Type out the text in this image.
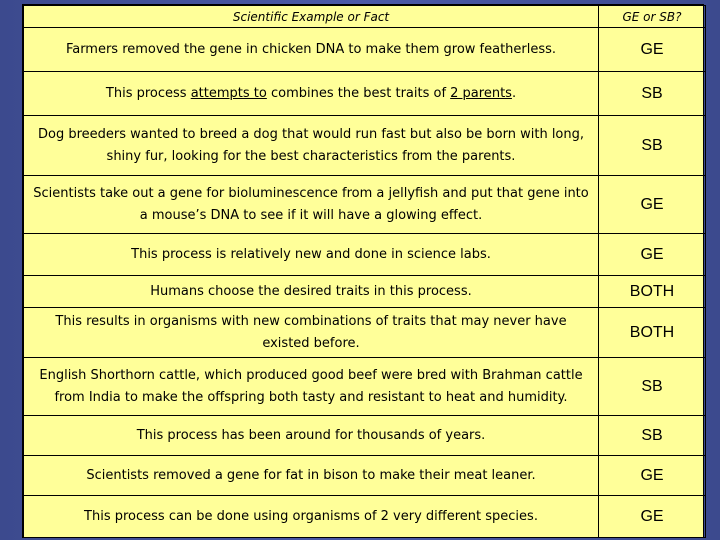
Scientific Example or Fact	GE or SB?
Farmers removed the gene in chicken DNA to make them grow featherless.	GE
This process attempts to combines the best traits of 2 parents.	SB
Dog breeders wanted to breed a dog that would run fast but also be born with long, shiny fur, looking for the best characteristics from the parents.	SB
Scientists take out a gene for bioluminescence from a jellyfish and put that gene into a mouse’s DNA to see if it will have a glowing effect.	GE
This process is relatively new and done in science labs.	GE
Humans choose the desired traits in this process.	BOTH
This results in organisms with new combinations of traits that may never have existed before.	BOTH
English Shorthorn cattle, which produced good beef were bred with Brahman cattle from India to make the offspring both tasty and resistant to heat and humidity.	SB
This process has been around for thousands of years.	SB
Scientists removed a gene for fat in bison to make their meat leaner.	GE
This process can be done using organisms of 2 very different species.	GE
